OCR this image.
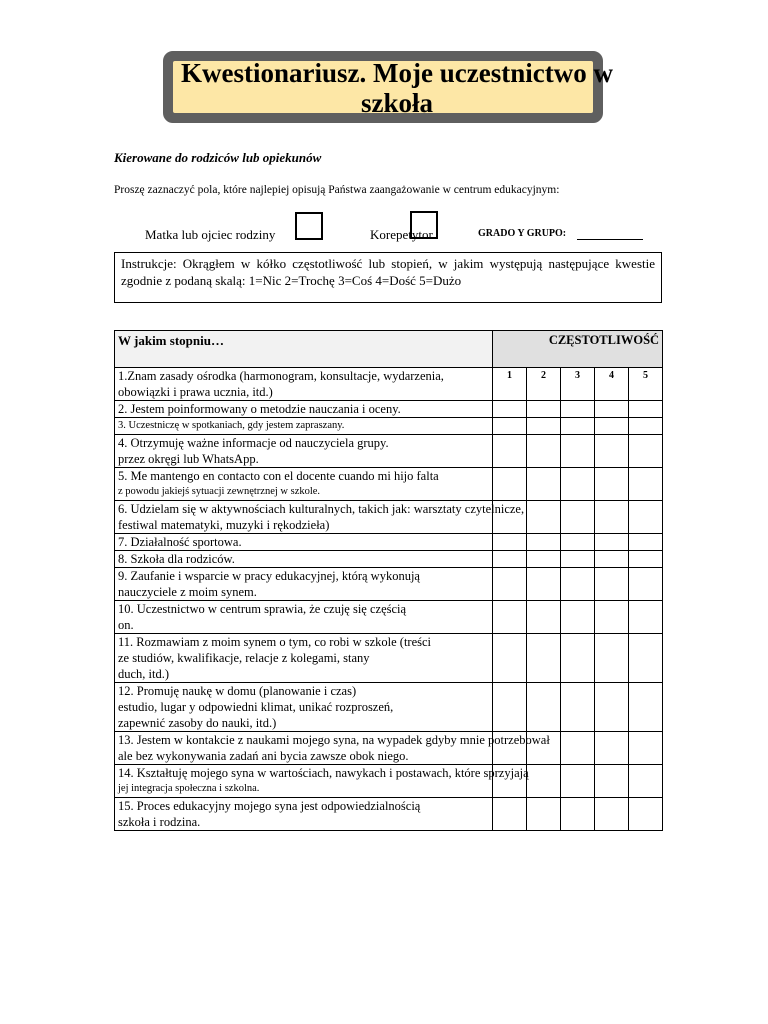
Kwestionariusz. Moje uczestnictwo w
szkoła
Kierowane do rodziców lub opiekunów
Proszę zaznaczyć pola, które najlepiej opisują Państwa zaangażowanie w centrum edukacyjnym:
Matka lub ojciec rodziny	Korepetytor	GRADO Y GRUPO:
Instrukcje: Okrągłem w kółko częstotliwość lub stopień, w jakim występują następujące kwestie zgodnie z podaną skalą: 1=Nic 2=Trochę 3=Coś 4=Dość 5=Dużo
W jakim stopniu…	CZĘSTOTLIWOŚĆ				

1.Znam zasady ośrodka (harmonogram, konsultacje, wydarzenia,
obowiązki i prawa ucznia, itd.)	1	2	3	4	5

2. Jestem poinformowany o metodzie nauczania i oceny.					

3. Uczestniczę w spotkaniach, gdy jestem zapraszany.					

4. Otrzymuję ważne informacje od nauczyciela grupy.
przez okręgi lub WhatsApp.					

5. Me mantengo en contacto con el docente cuando mi hijo falta
z powodu jakiejś sytuacji zewnętrznej w szkole.					

6. Udzielam się w aktywnościach kulturalnych, takich jak: warsztaty czytelnicze,
festiwal matematyki, muzyki i rękodzieła)					

7. Działalność sportowa.					

8. Szkoła dla rodziców.					

9. Zaufanie i wsparcie w pracy edukacyjnej, którą wykonują
nauczyciele z moim synem.					

10. Uczestnictwo w centrum sprawia, że czuję się częścią
on.					

11. Rozmawiam z moim synem o tym, co robi w szkole (treści
ze studiów, kwalifikacje, relacje z kolegami, stany
duch, itd.)					

12. Promuję naukę w domu (planowanie i czas)
estudio, lugar y odpowiedni klimat, unikać rozproszeń,
zapewnić zasoby do nauki, itd.)					

13. Jestem w kontakcie z naukami mojego syna, na wypadek gdyby mnie potrzebował
ale bez wykonywania zadań ani bycia zawsze obok niego.					

14. Kształtuję mojego syna w wartościach, nawykach i postawach, które sprzyjają
jej integracja społeczna i szkolna.					

15. Proces edukacyjny mojego syna jest odpowiedzialnością
szkoła i rodzina.					
